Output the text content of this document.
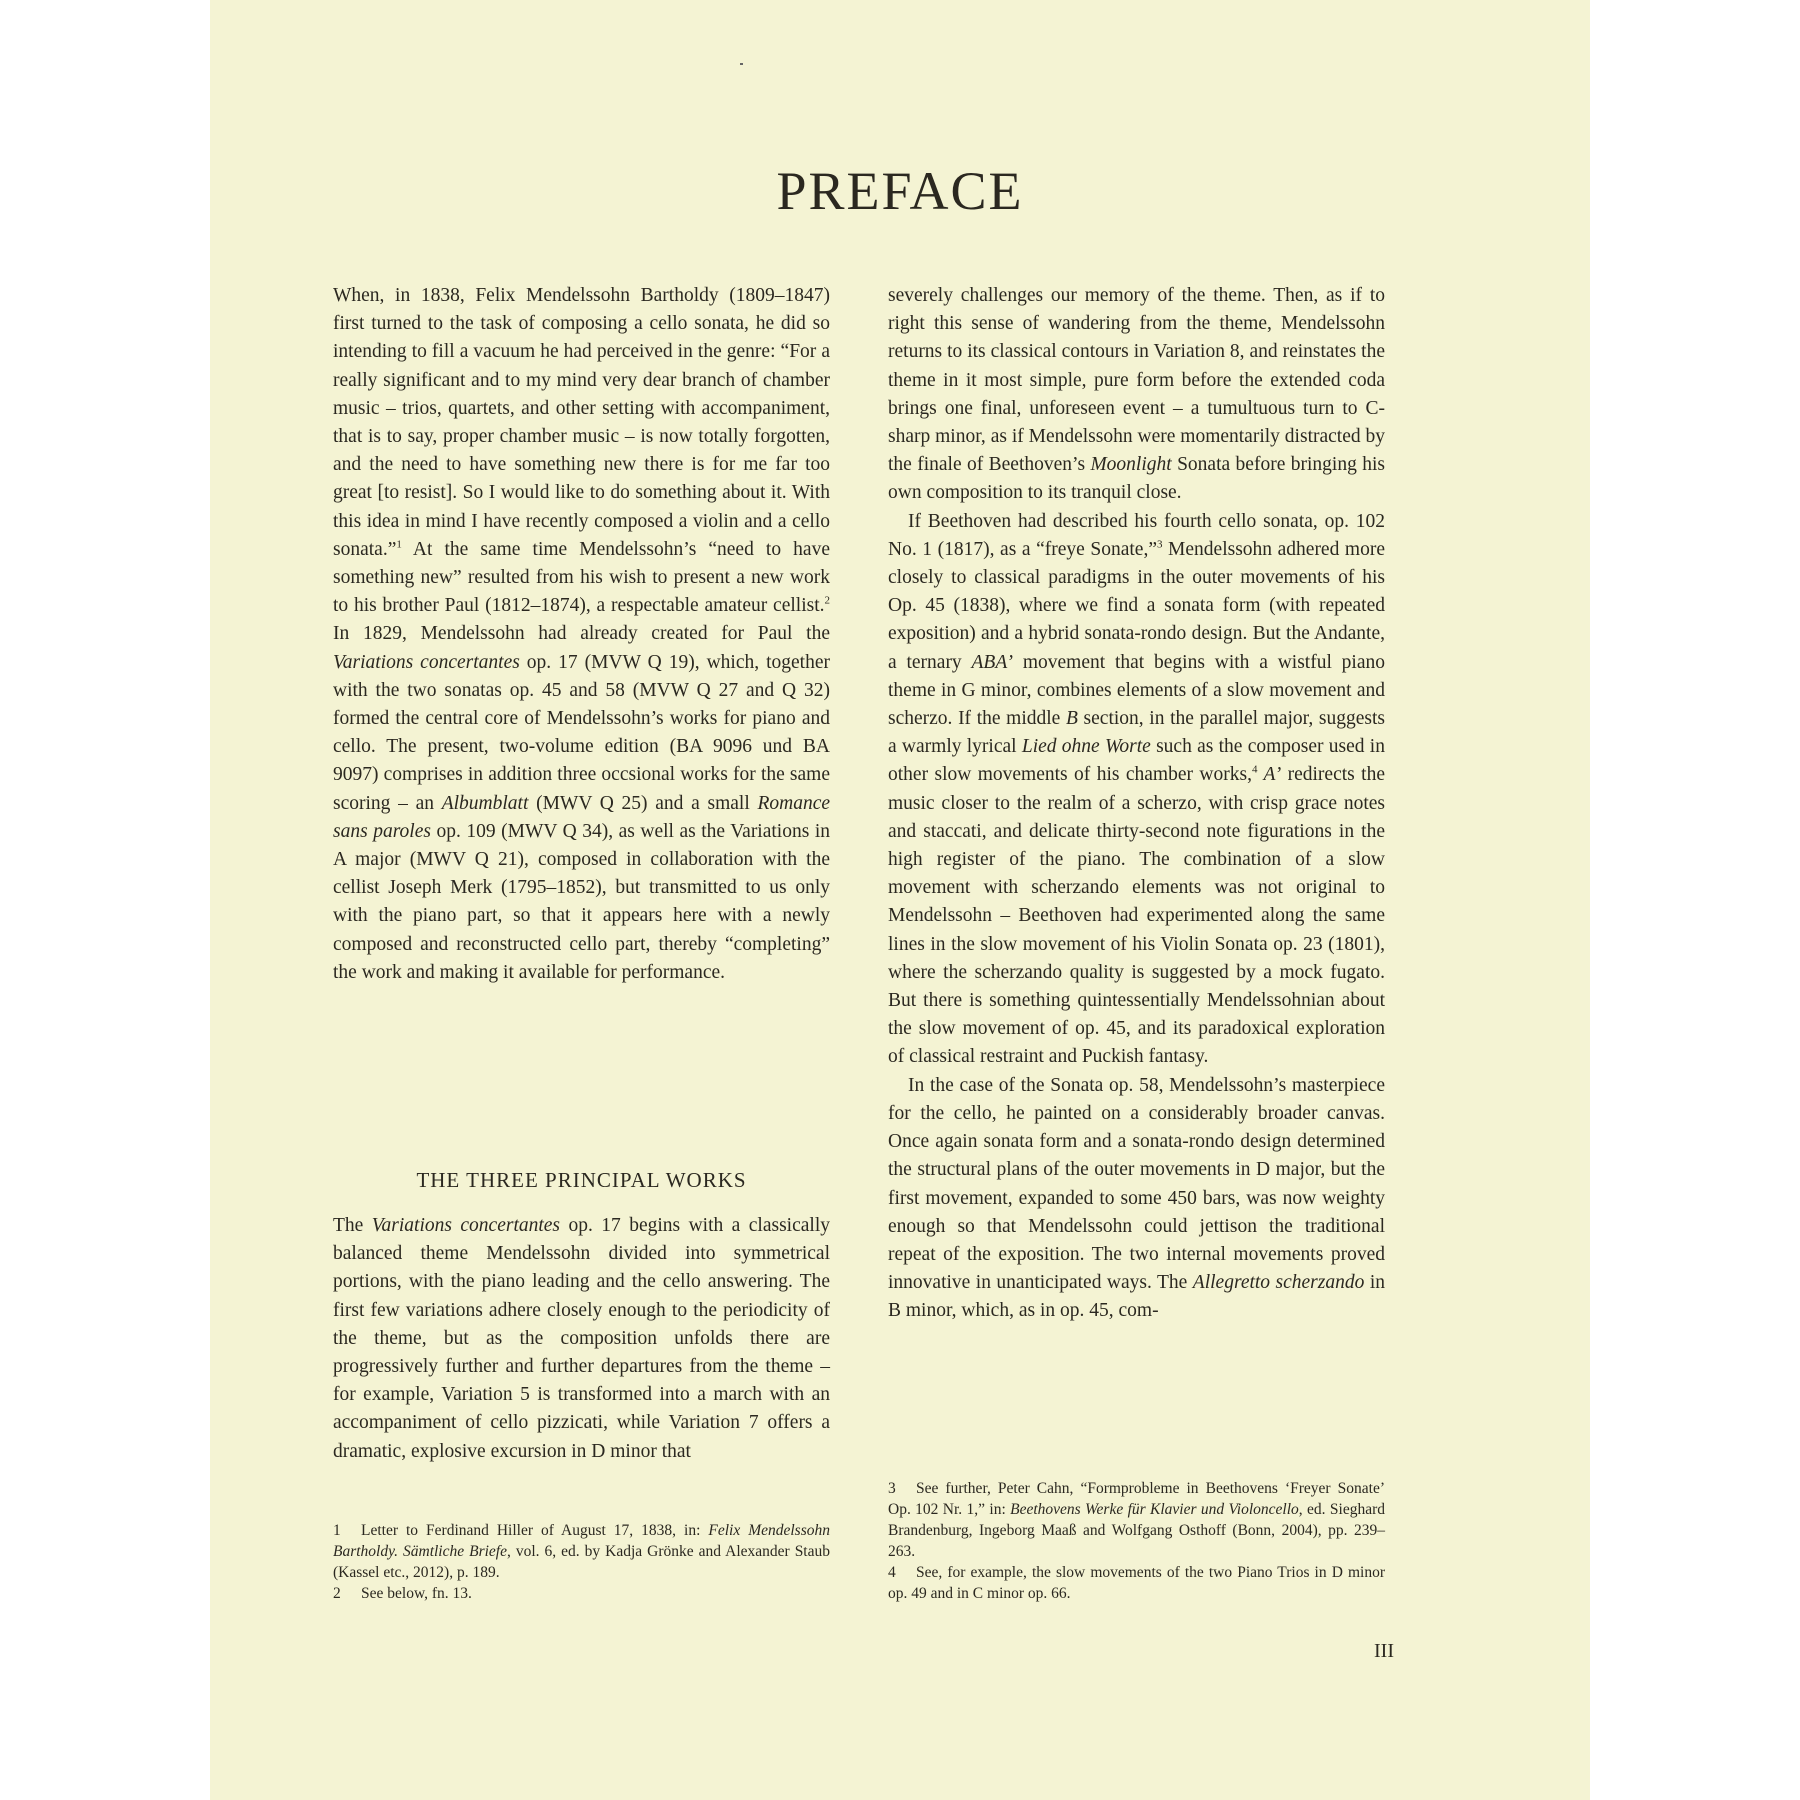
PREFACE

When, in 1838, Felix Mendelssohn Bartholdy (1809–1847) first turned to the task of composing a cello sonata, he did so intending to fill a vacuum he had perceived in the genre: “For a really significant and to my mind very dear branch of chamber music – trios, quartets, and other setting with accompaniment, that is to say, proper chamber music – is now totally forgotten, and the need to have something new there is for me far too great [to resist]. So I would like to do something about it. With this idea in mind I have recently composed a violin and a cello sonata.”$^1$ At the same time Mendelssohn’s “need to have something new” resulted from his wish to present a new work to his brother Paul (1812–1874), a respectable amateur cellist.$^2$ In 1829, Mendelssohn had already created for Paul the Variations concertantes op. 17 (MVW Q 19), which, together with the two sonatas op. 45 and 58 (MVW Q 27 and Q 32) formed the central core of Mendelssohn’s works for piano and cello. The present, two-volume edition (BA 9096 und BA 9097) comprises in addition three occsional works for the same scoring – an Albumblatt (MWV Q 25) and a small Romance sans paroles op. 109 (MWV Q 34), as well as the Variations in A major (MWV Q 21), composed in collaboration with the cellist Joseph Merk (1795–1852), but transmitted to us only with the piano part, so that it appears here with a newly composed and reconstructed cello part, thereby “completing” the work and making it available for performance.

THE THREE PRINCIPAL WORKS

The Variations concertantes op. 17 begins with a classically balanced theme Mendelssohn divided into symmetrical portions, with the piano leading and the cello answering. The first few variations adhere closely enough to the periodicity of the theme, but as the composition unfolds there are progressively further and further departures from the theme – for example, Variation 5 is transformed into a march with an accompaniment of cello pizzicati, while Variation 7 offers a dramatic, explosive excursion in D minor that

severely challenges our memory of the theme. Then, as if to right this sense of wandering from the theme, Mendelssohn returns to its classical contours in Variation 8, and reinstates the theme in it most simple, pure form before the extended coda brings one final, unforeseen event – a tumultuous turn to C-sharp minor, as if Mendelssohn were momentarily distracted by the finale of Beethoven’s Moonlight Sonata before bringing his own composition to its tranquil close.

If Beethoven had described his fourth cello sonata, op. 102 No. 1 (1817), as a “freye Sonate,”$^3$ Mendelssohn adhered more closely to classical paradigms in the outer movements of his Op. 45 (1838), where we find a sonata form (with repeated exposition) and a hybrid sonata-rondo design. But the Andante, a ternary ABA’ movement that begins with a wistful piano theme in G minor, combines elements of a slow movement and scherzo. If the middle B section, in the parallel major, suggests a warmly lyrical Lied ohne Worte such as the composer used in other slow movements of his chamber works,$^4$ A’ redirects the music closer to the realm of a scherzo, with crisp grace notes and staccati, and delicate thirty-second note figurations in the high register of the piano. The combination of a slow movement with scherzando elements was not original to Mendelssohn – Beethoven had experimented along the same lines in the slow movement of his Violin Sonata op. 23 (1801), where the scherzando quality is suggested by a mock fugato. But there is something quintessentially Mendelssohnian about the slow movement of op. 45, and its paradoxical exploration of classical restraint and Puckish fantasy.

In the case of the Sonata op. 58, Mendelssohn’s masterpiece for the cello, he painted on a considerably broader canvas. Once again sonata form and a sonata-rondo design determined the structural plans of the outer movements in D major, but the first movement, expanded to some 450 bars, was now weighty enough so that Mendelssohn could jettison the traditional repeat of the exposition. The two internal movements proved innovative in unanticipated ways. The Allegretto scherzando in B minor, which, as in op. 45, com-

1 Letter to Ferdinand Hiller of August 17, 1838, in: Felix Mendelssohn Bartholdy. Sämtliche Briefe, vol. 6, ed. by Kadja Grönke and Alexander Staub (Kassel etc., 2012), p. 189.

2 See below, fn. 13.

3 See further, Peter Cahn, “Formprobleme in Beethovens ‘Freyer Sonate’ Op. 102 Nr. 1,” in: Beethovens Werke für Klavier und Violoncello, ed. Sieghard Brandenburg, Ingeborg Maaß and Wolfgang Osthoff (Bonn, 2004), pp. 239–263.

4 See, for example, the slow movements of the two Piano Trios in D minor op. 49 and in C minor op. 66.

III
